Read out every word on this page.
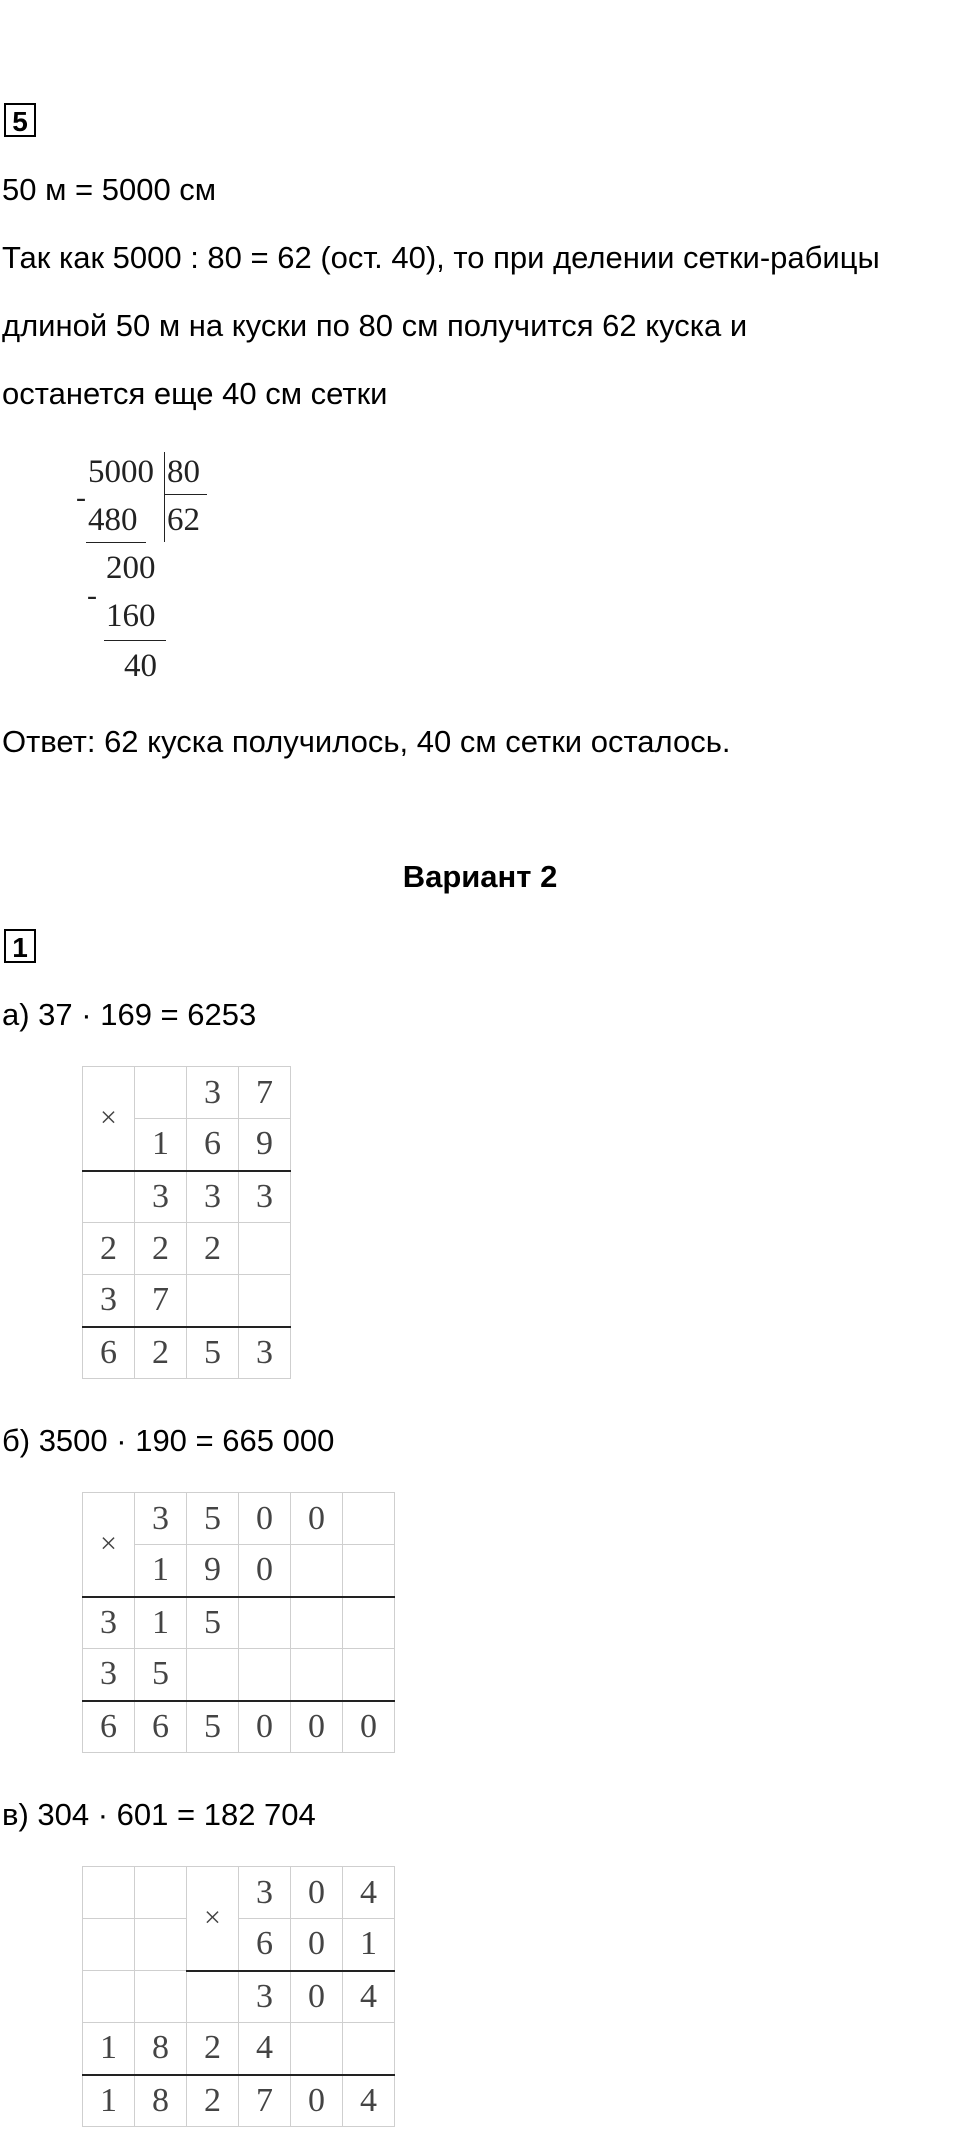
5
50 м = 5000 см
Так как 5000 : 80 = 62 (ост. 40), то при делении сетки-рабицы
длиной 50 м на куски по 80 см получится 62 куска и
останется еще 40 см сетки
5000 80
-
480 62
200
-
160
40
Ответ: 62 куска получилось, 40 см сетки осталось.
Вариант 2
1
а) 37 · 169 = 6253
×		3	7
	1	6	9
	3	3	3
2	2	2	
3	7		
6	2	5	3
б) 3500 · 190 = 665 000
×	3	5	0	0	
	1	9	0		
3	1	5			
3	5				
6	6	5	0	0	0
в) 304 · 601 = 182 704
		×	3	0	4
			6	0	1
			3	0	4
1	8	2	4		
1	8	2	7	0	4
